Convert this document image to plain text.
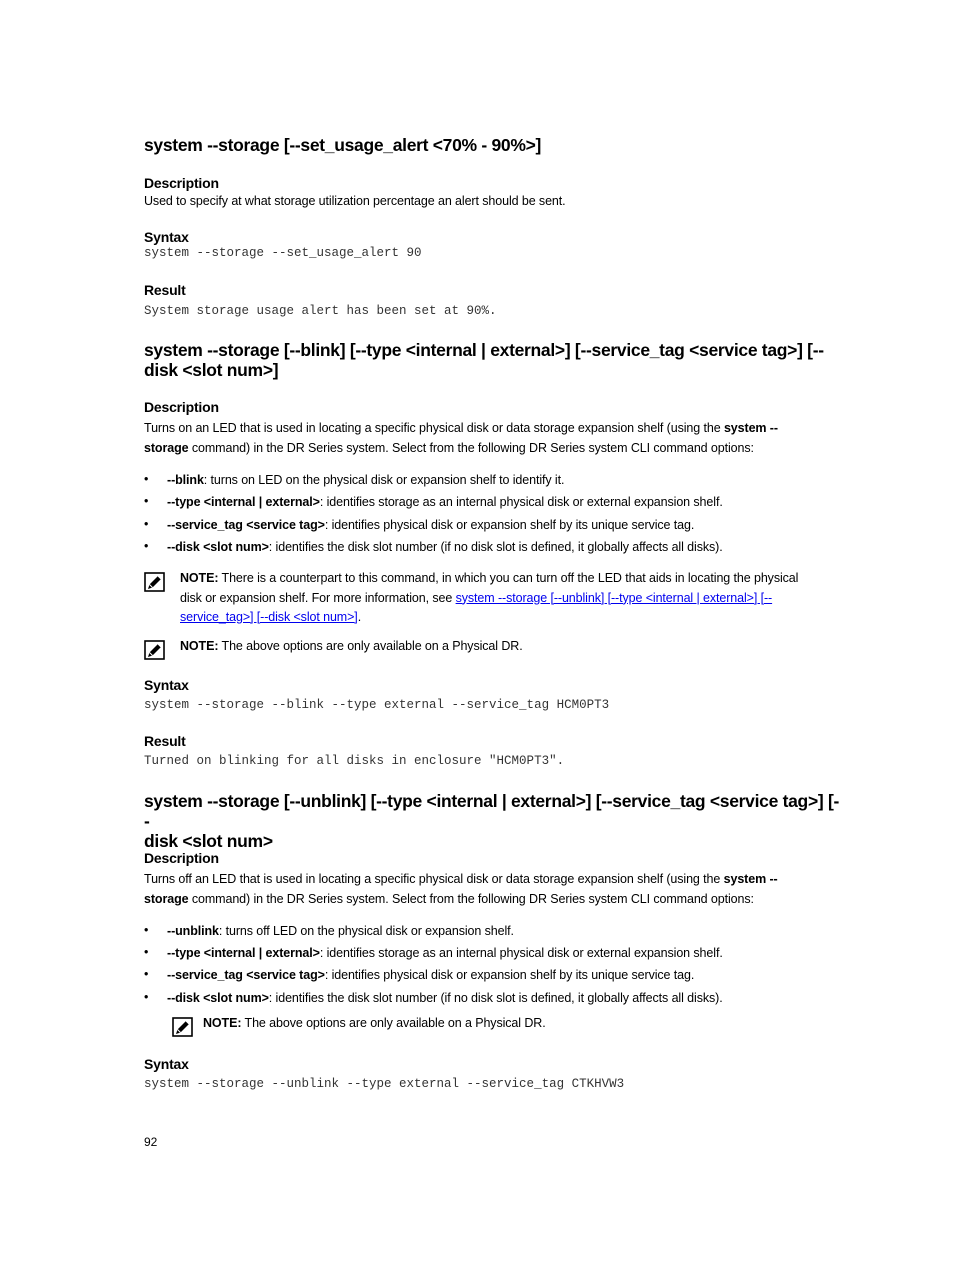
system --storage [--set_usage_alert <70% - 90%>]
Description
Used to specify at what storage utilization percentage an alert should be sent.
Syntax
system --storage --set_usage_alert 90
Result
System storage usage alert has been set at 90%.
system --storage [--blink] [--type <internal | external>] [--service_tag <service tag>] [--
disk <slot num>]
Description
Turns on an LED that is used in locating a specific physical disk or data storage expansion shelf (using the system --
storage command) in the DR Series system. Select from the following DR Series system CLI command options:
• --blink: turns on LED on the physical disk or expansion shelf to identify it.
• --type <internal | external>: identifies storage as an internal physical disk or external expansion shelf.
• --service_tag <service tag>: identifies physical disk or expansion shelf by its unique service tag.
• --disk <slot num>: identifies the disk slot number (if no disk slot is defined, it globally affects all disks).
NOTE: There is a counterpart to this command, in which you can turn off the LED that aids in locating the physical
disk or expansion shelf. For more information, see system --storage [--unblink] [--type <internal | external>] [--
service_tag>] [--disk <slot num>].
NOTE: The above options are only available on a Physical DR.
Syntax
system --storage --blink --type external --service_tag HCM0PT3
Result
Turned on blinking for all disks in enclosure "HCM0PT3".
system --storage [--unblink] [--type <internal | external>] [--service_tag <service tag>] [--
disk <slot num>
Description
Turns off an LED that is used in locating a specific physical disk or data storage expansion shelf (using the system --
storage command) in the DR Series system. Select from the following DR Series system CLI command options:
• --unblink: turns off LED on the physical disk or expansion shelf.
• --type <internal | external>: identifies storage as an internal physical disk or external expansion shelf.
• --service_tag <service tag>: identifies physical disk or expansion shelf by its unique service tag.
• --disk <slot num>: identifies the disk slot number (if no disk slot is defined, it globally affects all disks).
NOTE: The above options are only available on a Physical DR.
Syntax
system --storage --unblink --type external --service_tag CTKHVW3
92
